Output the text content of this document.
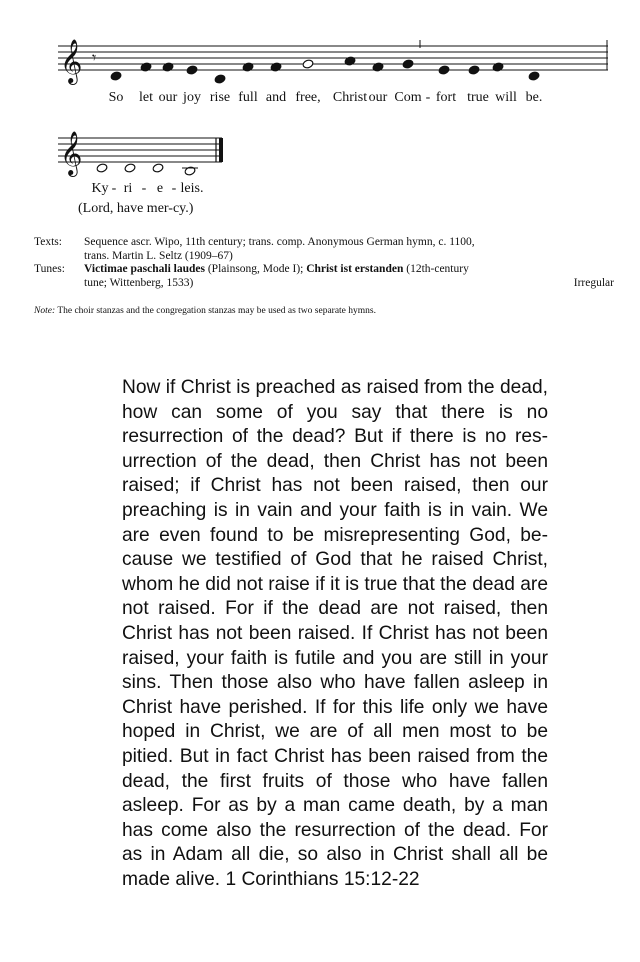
𝄞 𝄾
So let our joy rise full and free, Christ our Com - fort true will be.
𝄞
Ky - ri - e - leis.
(Lord, have mer-cy.)
Texts:	Sequence ascr. Wipo, 11th century; trans. comp. Anonymous German hymn, c. 1100,
trans. Martin L. Seltz (1909–67)
Tunes:	Victimae paschali laudes (Plainsong, Mode I); Christ ist erstanden (12th-century
tune; Wittenberg, 1533)	Irregular
Note: The choir stanzas and the congregation stanzas may be used as two separate hymns.

Now if Christ is preached as raised from the dead, how can some of you say that there is no resurrection of the dead? But if there is no resurrection of the dead, then Christ has not been raised; if Christ has not been raised, then our preaching is in vain and your faith is in vain. We are even found to be misrepresenting God, because we testified of God that he raised Christ, whom he did not raise if it is true that the dead are not raised. For if the dead are not raised, then Christ has not been raised. If Christ has not been raised, your faith is futile and you are still in your sins. Then those also who have fallen asleep in Christ have perished. If for this life only we have hoped in Christ, we are of all men most to be pitied. But in fact Christ has been raised from the dead, the first fruits of those who have fallen asleep. For as by a man came death, by a man has come also the resurrection of the dead. For as in Adam all die, so also in Christ shall all be made alive. 1 Corinthians 15:12-22
